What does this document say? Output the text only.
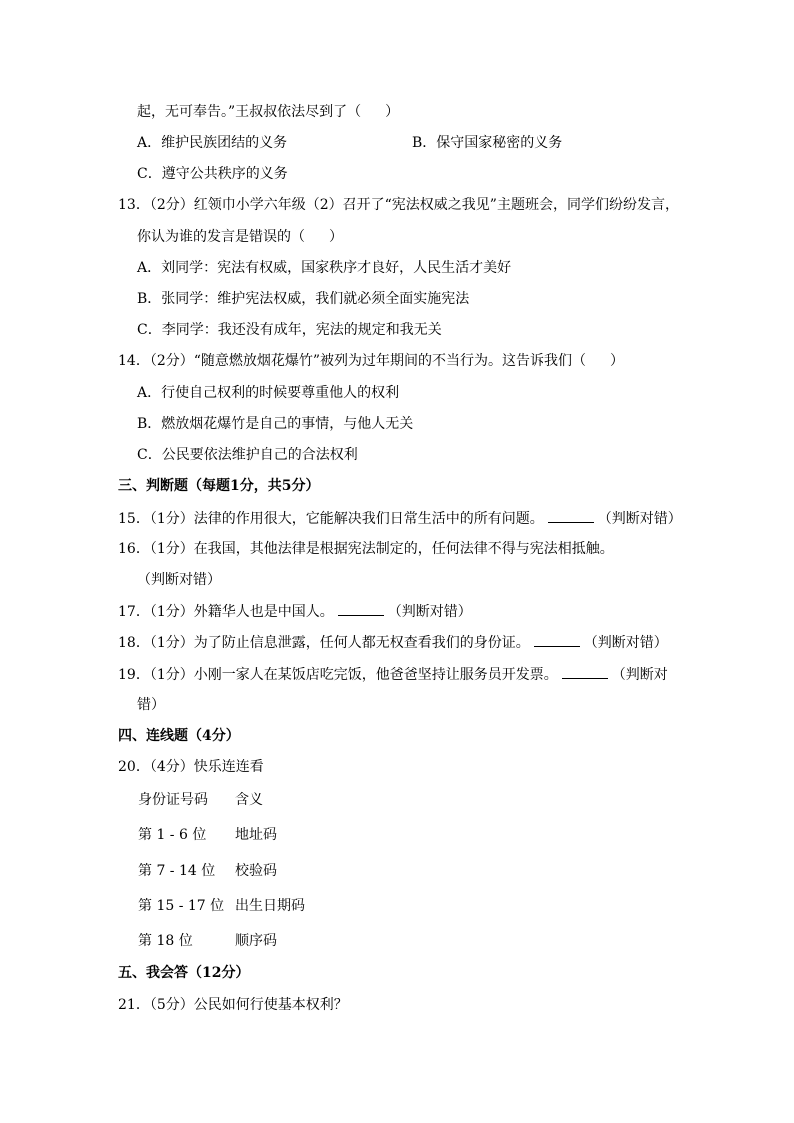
起，无可奉告。”王叔叔依法尽到了（ ）
A．维护民族团结的义务	B．保守国家秘密的义务
C．遵守公共秩序的义务
13．（2分）红领巾小学六年级（2）召开了“宪法权威之我见”主题班会，同学们纷纷发言，
你认为谁的发言是错误的（ ）
A．刘同学：宪法有权威，国家秩序才良好，人民生活才美好
B．张同学：维护宪法权威，我们就必须全面实施宪法
C．李同学：我还没有成年，宪法的规定和我无关
14．（2分）“随意燃放烟花爆竹”被列为过年期间的不当行为。这告诉我们（ ）
A．行使自己权利的时候要尊重他人的权利
B．燃放烟花爆竹是自己的事情，与他人无关
C．公民要依法维护自己的合法权利
三、判断题（每题1分，共5分）
15．（1分）法律的作用很大，它能解决我们日常生活中的所有问题。	（判断对错）
16．（1分）在我国，其他法律是根据宪法制定的，任何法律不得与宪法相抵触。
（判断对错）
17．（1分）外籍华人也是中国人。	（判断对错）
18．（1分）为了防止信息泄露，任何人都无权查看我们的身份证。	（判断对错）
19．（1分）小刚一家人在某饭店吃完饭，他爸爸坚持让服务员开发票。	（判断对
错）
四、连线题（4分）
20．（4分）快乐连连看
身份证号码 含义
第 1 - 6 位 地址码
第 7 - 14 位 校验码
第 15 - 17 位 出生日期码
第 18 位	顺序码
五、我会答（12分）
21．（5分）公民如何行使基本权利？
